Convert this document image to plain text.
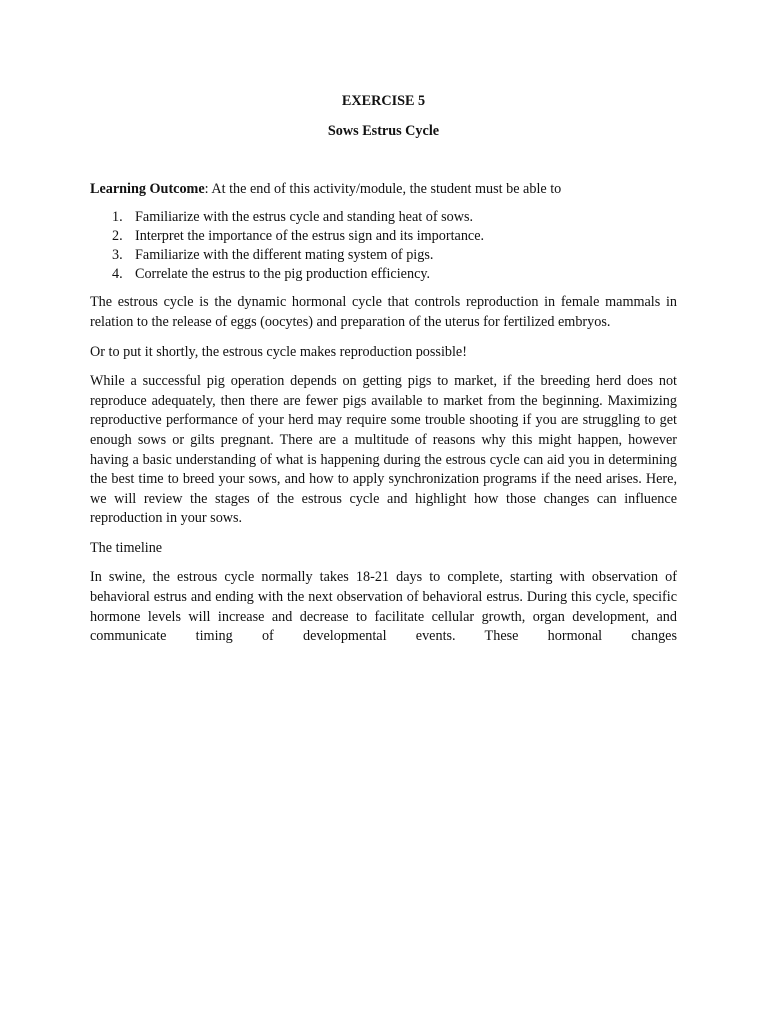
EXERCISE 5

Sows Estrus Cycle

Learning Outcome: At the end of this activity/module, the student must be able to

1. Familiarize with the estrus cycle and standing heat of sows.
2. Interpret the importance of the estrus sign and its importance.
3. Familiarize with the different mating system of pigs.
4. Correlate the estrus to the pig production efficiency.

The estrous cycle is the dynamic hormonal cycle that controls reproduction in female mammals in relation to the release of eggs (oocytes) and preparation of the uterus for fertilized embryos.

Or to put it shortly, the estrous cycle makes reproduction possible!

While a successful pig operation depends on getting pigs to market, if the breeding herd does not reproduce adequately, then there are fewer pigs available to market from the beginning. Maximizing reproductive performance of your herd may require some trouble shooting if you are struggling to get enough sows or gilts pregnant. There are a multitude of reasons why this might happen, however having a basic understanding of what is happening during the estrous cycle can aid you in determining the best time to breed your sows, and how to apply synchronization programs if the need arises. Here, we will review the stages of the estrous cycle and highlight how those changes can influence reproduction in your sows.

The timeline

In swine, the estrous cycle normally takes 18-21 days to complete, starting with observation of behavioral estrus and ending with the next observation of behavioral estrus. During this cycle, specific hormone levels will increase and decrease to facilitate cellular growth, organ development, and communicate timing of developmental events. These hormonal changes
